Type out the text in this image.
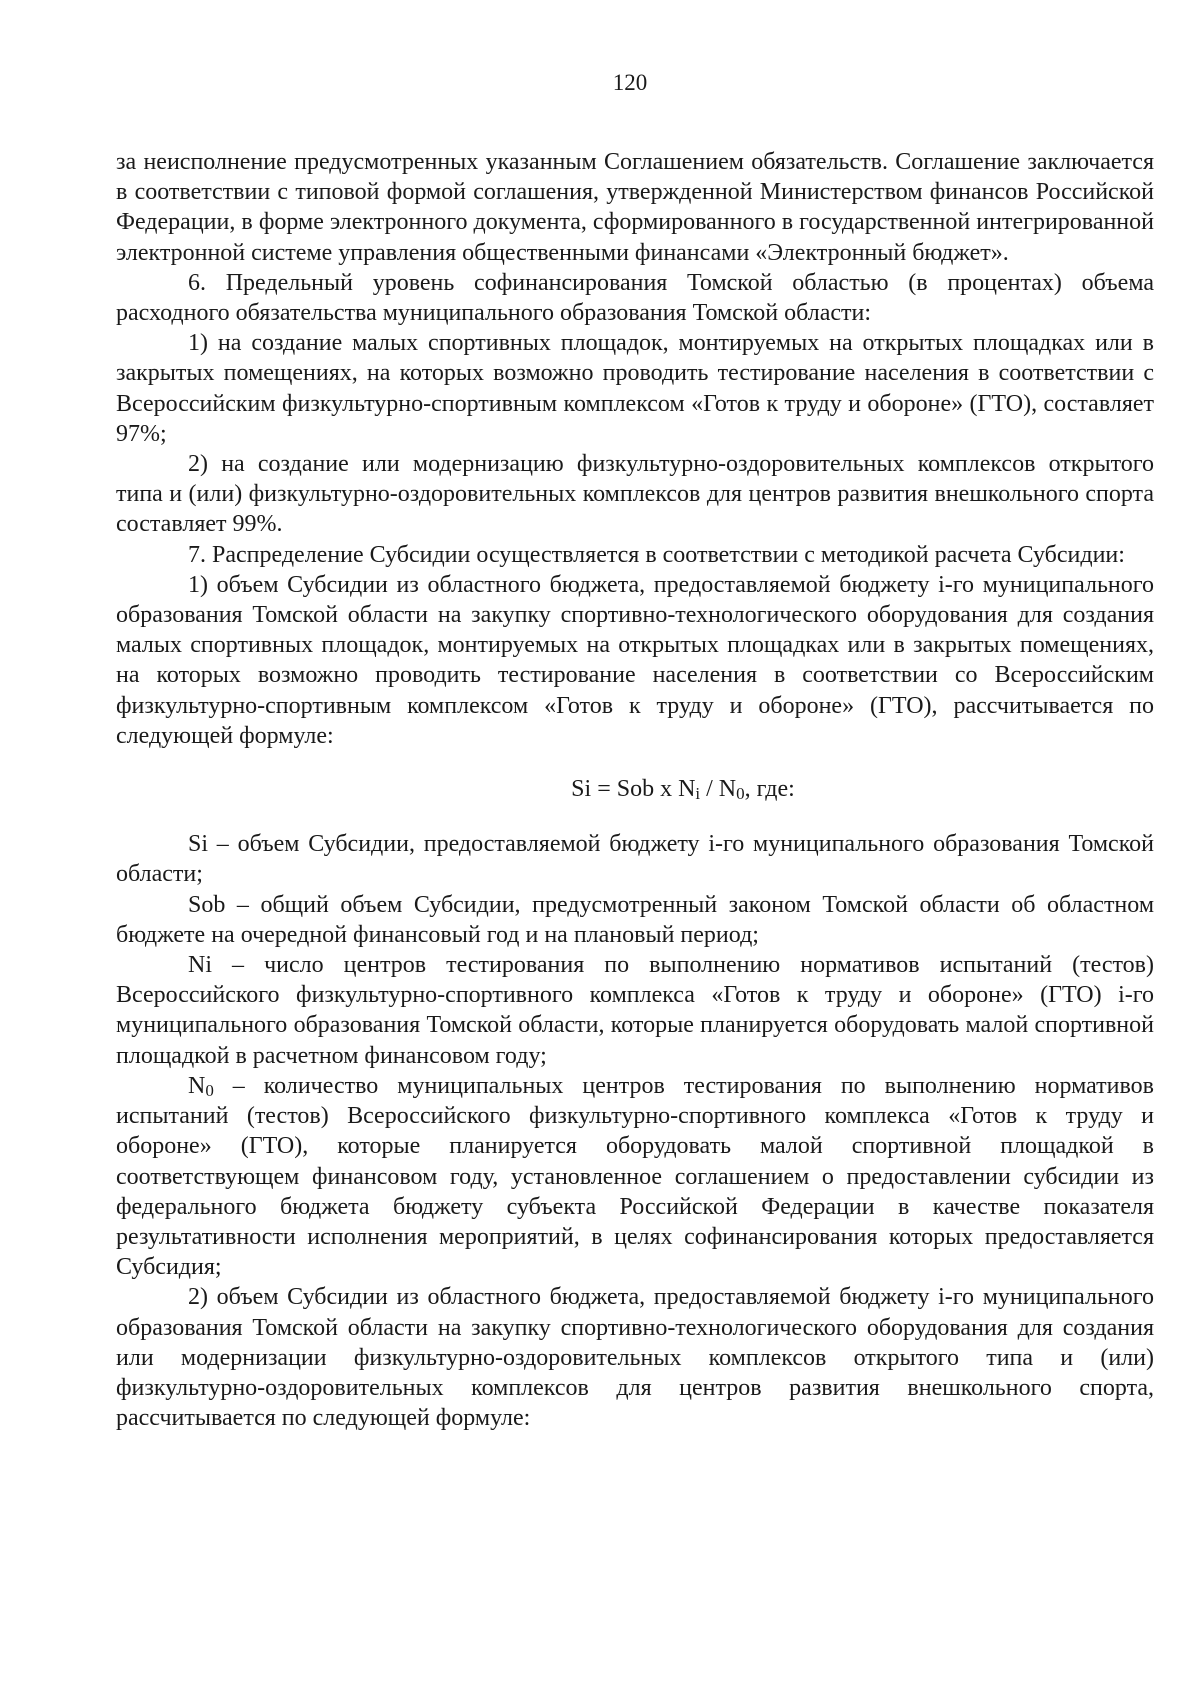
120

за неисполнение предусмотренных указанным Соглашением обязательств. Соглашение заключается в соответствии с типовой формой соглашения, утвержденной Министерством финансов Российской Федерации, в форме электронного документа, сформированного в государственной интегрированной электронной системе управления общественными финансами «Электронный бюджет».

6. Предельный уровень софинансирования Томской областью (в процентах) объема расходного обязательства муниципального образования Томской области:

1) на создание малых спортивных площадок, монтируемых на открытых площадках или в закрытых помещениях, на которых возможно проводить тестирование населения в соответствии с Всероссийским физкультурно-спортивным комплексом «Готов к труду и обороне» (ГТО), составляет 97%;

2) на создание или модернизацию физкультурно-оздоровительных комплексов открытого типа и (или) физкультурно-оздоровительных комплексов для центров развития внешкольного спорта составляет 99%.

7. Распределение Субсидии осуществляется в соответствии с методикой расчета Субсидии:

1) объем Субсидии из областного бюджета, предоставляемой бюджету i-го муниципального образования Томской области на закупку спортивно-технологического оборудования для создания малых спортивных площадок, монтируемых на открытых площадках или в закрытых помещениях, на которых возможно проводить тестирование населения в соответствии со Всероссийским физкультурно-спортивным комплексом «Готов к труду и обороне» (ГТО), рассчитывается по следующей формуле:

Si = Sob x $N_i / N_0$, где:

Si – объем Субсидии, предоставляемой бюджету i-го муниципального образования Томской области;

Sob – общий объем Субсидии, предусмотренный законом Томской области об областном бюджете на очередной финансовый год и на плановый период;

Ni – число центров тестирования по выполнению нормативов испытаний (тестов) Всероссийского физкультурно-спортивного комплекса «Готов к труду и обороне» (ГТО) i-го муниципального образования Томской области, которые планируется оборудовать малой спортивной площадкой в расчетном финансовом году;

$N_0$ – количество муниципальных центров тестирования по выполнению нормативов испытаний (тестов) Всероссийского физкультурно-спортивного комплекса «Готов к труду и обороне» (ГТО), которые планируется оборудовать малой спортивной площадкой в соответствующем финансовом году, установленное соглашением о предоставлении субсидии из федерального бюджета бюджету субъекта Российской Федерации в качестве показателя результативности исполнения мероприятий, в целях софинансирования которых предоставляется Субсидия;

2) объем Субсидии из областного бюджета, предоставляемой бюджету i-го муниципального образования Томской области на закупку спортивно-технологического оборудования для создания или модернизации физкультурно-оздоровительных комплексов открытого типа и (или) физкультурно-оздоровительных комплексов для центров развития внешкольного спорта, рассчитывается по следующей формуле:
